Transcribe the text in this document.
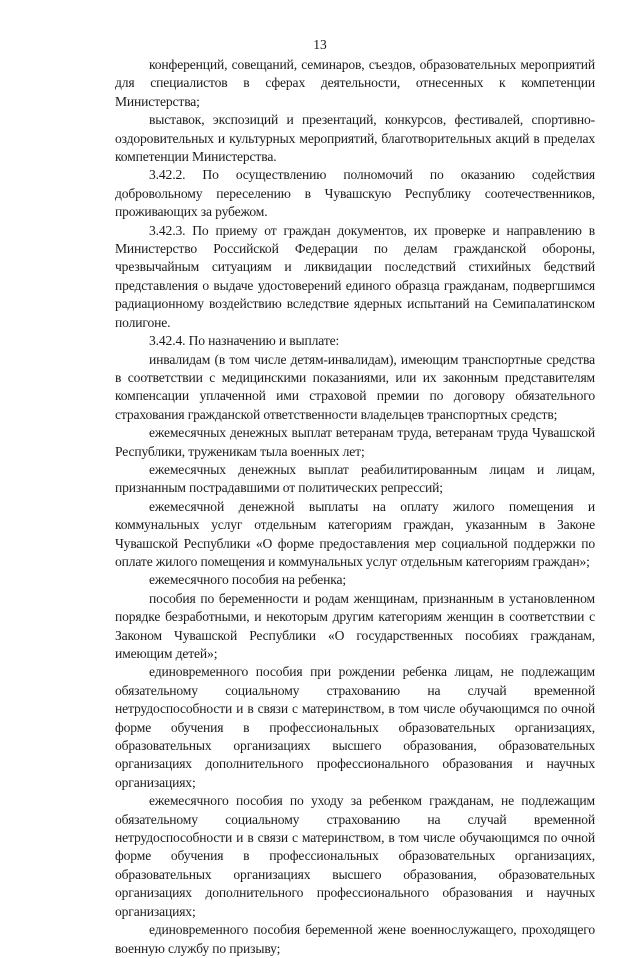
13

конференций, совещаний, семинаров, съездов, образовательных мероприятий для специалистов в сферах деятельности, отнесенных к компетенции Министерства;

выставок, экспозиций и презентаций, конкурсов, фестивалей, спортивно-оздоровительных и культурных мероприятий, благотворительных акций в пределах компетенции Министерства.

3.42.2. По осуществлению полномочий по оказанию содействия добровольному переселению в Чувашскую Республику соотечественников, проживающих за рубежом.

3.42.3. По приему от граждан документов, их проверке и направлению в Министерство Российской Федерации по делам гражданской обороны, чрезвычайным ситуациям и ликвидации последствий стихийных бедствий представления о выдаче удостоверений единого образца гражданам, подвергшимся радиационному воздействию вследствие ядерных испытаний на Семипалатинском полигоне.

3.42.4. По назначению и выплате:

инвалидам (в том числе детям-инвалидам), имеющим транспортные средства в соответствии с медицинскими показаниями, или их законным представителям компенсации уплаченной ими страховой премии по договору обязательного страхования гражданской ответственности владельцев транспортных средств;

ежемесячных денежных выплат ветеранам труда, ветеранам труда Чувашской Республики, труженикам тыла военных лет;

ежемесячных денежных выплат реабилитированным лицам и лицам, признанным пострадавшими от политических репрессий;

ежемесячной денежной выплаты на оплату жилого помещения и коммунальных услуг отдельным категориям граждан, указанным в Законе Чувашской Республики «О форме предоставления мер социальной поддержки по оплате жилого помещения и коммунальных услуг отдельным категориям граждан»;

ежемесячного пособия на ребенка;

пособия по беременности и родам женщинам, признанным в установленном порядке безработными, и некоторым другим категориям женщин в соответствии с Законом Чувашской Республики «О государственных пособиях гражданам, имеющим детей»;

единовременного пособия при рождении ребенка лицам, не подлежащим обязательному социальному страхованию на случай временной нетрудоспособности и в связи с материнством, в том числе обучающимся по очной форме обучения в профессиональных образовательных организациях, образовательных организациях высшего образования, образовательных организациях дополнительного профессионального образования и научных организациях;

ежемесячного пособия по уходу за ребенком гражданам, не подлежащим обязательному социальному страхованию на случай временной нетрудоспособности и в связи с материнством, в том числе обучающимся по очной форме обучения в профессиональных образовательных организациях, образовательных организациях высшего образования, образовательных организациях дополнительного профессионального образования и научных организациях;

единовременного пособия беременной жене военнослужащего, проходящего военную службу по призыву;
